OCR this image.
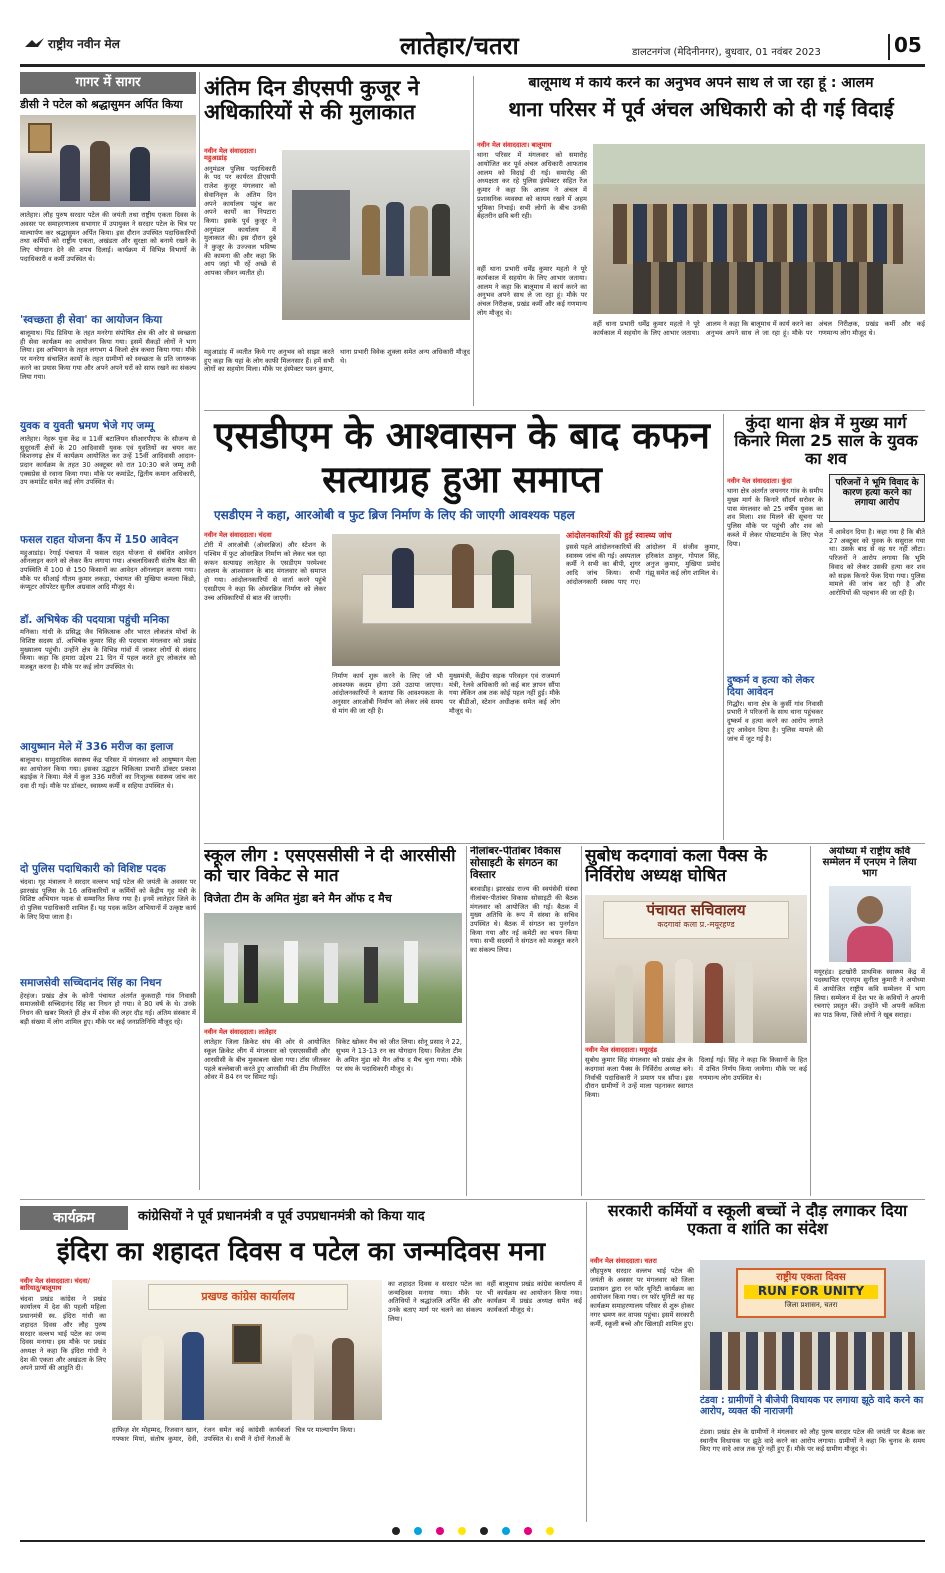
राष्ट्रीय नवीन मेल	लातेहार/चतरा	डालटनगंज (मेदिनीनगर), बुधवार, 01 नवंबर 2023	05
गागर में सागर
डीसी ने पटेल को श्रद्धासुमन अर्पित किया
लातेहार। लौह पुरुष सरदार पटेल की जयंती तथा राष्ट्रीय एकता दिवस के अवसर पर समाहरणालय सभागार में उपायुक्त ने सरदार पटेल के चित्र पर माल्यार्पण कर श्रद्धासुमन अर्पित किया। इस दौरान उपस्थित पदाधिकारियों तथा कर्मियों को राष्ट्रीय एकता, अखंडता और सुरक्षा को बनाये रखने के लिए योगदान देने की शपथ दिलाई। कार्यक्रम में विभिन्न विभागों के पदाधिकारी व कर्मी उपस्थित थे।
'स्वच्छता ही सेवा' का आयोजन किया
बालूमाथ। पिंड डिविया के तहत मनरेगा संपोषित क्षेत्र की ओर से स्वच्छता ही सेवा कार्यक्रम का आयोजन किया गया। इसमें सैकड़ों लोगों ने भाग लिया। इस अभियान के तहत लगभग 4 किलो क्षेत्र कचरा किया गया। मौके पर मनरेगा संचालित कार्यों के तहत ग्रामीणों को स्वच्छता के प्रति जागरूक करने का प्रयास किया गया और अपने अपने घरों को साफ रखने का संकल्प लिया गया।
युवक व युवती भ्रमण भेजे गए जम्मू
लातेहार। नेहरू युवा केंद्र व 11वीं बटालियन सीआरपीएफ के सौजन्य से सुदूरवर्ती क्षेत्रों के 20 आदिवासी युवक एवं युवतियों का चयन कर किशनगढ़ क्षेत्र में कार्यक्रम आयोजित कर उन्हें 15वीं आदिवासी आदान-प्रदान कार्यक्रम के तहत 30 अक्टूबर को रात 10:30 बजे जम्मू तवी एक्सप्रेस से रवाना किया गया। मौके पर कमांडेंट, द्वितीय कमान अधिकारी, उप कमांडेंट समेत कई लोग उपस्थित थे।
फसल राहत योजना कैंप में 150 आवेदन
महुआडांड़। रेगाई पंचायत में फसल राहत योजना से संबंधित आवेदन ऑनलाइन करने को लेकर कैंप लगाया गया। अंचलाधिकारी संतोष बैठा की उपस्थिति में 100 से 150 किसानों का आवेदन ऑनलाइन कराया गया। मौके पर सीआई गौतम कुमार लकड़ा, पंचायत की मुखिया कमला किंडो, कंप्यूटर ऑपरेटर सुनील अग्रवाल आदि मौजूद थे।
डॉ. अभिषेक की पदयात्रा पहुंची मनिका
मनिका। गांधी के प्रसिद्ध जैव चिकित्सक और भारत लोकतंत्र मोर्चा के विशिष्ट सदस्य डॉ. अभिषेक कुमार सिंह की पदयात्रा मंगलवार को प्रखंड मुख्यालय पहुंची। उन्होंने क्षेत्र के विभिन्न गांवों में जाकर लोगों से संवाद किया। कहा कि हमारा उद्देश्य 21 दिन में पहल करते हुए लोकतंत्र को मजबूत करना है। मौके पर कई लोग उपस्थित थे।
आयुष्मान मेले में 336 मरीज का इलाज
बालूमाथ। सामुदायिक स्वास्थ्य केंद्र परिसर में मंगलवार को आयुष्मान मेला का आयोजन किया गया। इसका उद्घाटन चिकित्सा प्रभारी डॉक्टर प्रकाश बड़ाईक ने किया। मेले में कुल 336 मरीजों का निःशुल्क स्वास्थ्य जांच कर दवा दी गई। मौके पर डॉक्टर, स्वास्थ्य कर्मी व सहिया उपस्थित थे।
दो पुलिस पदाधिकारी को विशिष्ट पदक
चंदवा। गृह मंत्रालय ने सरदार वल्लभ भाई पटेल की जयंती के अवसर पर झारखंड पुलिस के 16 अधिकारियों व कर्मियों को केंद्रीय गृह मंत्री के विशिष्ट अभियान पदक से सम्मानित किया गया है। इनमें लातेहार जिले के दो पुलिस पदाधिकारी शामिल हैं। यह पदक कठिन अभियानों में उत्कृष्ट कार्य के लिए दिया जाता है।
समाजसेवी सच्चिदानंद सिंह का निधन
हेरहंज। प्रखंड क्षेत्र के कोनी पंचायत अंतर्गत कुकराही गांव निवासी समाजसेवी सच्चिदानंद सिंह का निधन हो गया। वे 80 वर्ष के थे। उनके निधन की खबर मिलते ही क्षेत्र में शोक की लहर दौड़ गई। अंतिम संस्कार में बड़ी संख्या में लोग शामिल हुए। मौके पर कई जनप्रतिनिधि मौजूद रहे।
अंतिम दिन डीएसपी कुजूर ने अधिकारियों से की मुलाकात
नवीन मेल संवाददाता। महुआडांड़
अनुमंडल पुलिस पदाधिकारी के पद पर कार्यरत डीएसपी राजेश कुजूर मंगलवार को सेवानिवृत्त के अंतिम दिन अपने कार्यालय पहुंच कर अपने कार्यों का निपटारा किया। इसके पूर्व कुजूर ने अनुमंडल कार्यालय में मुलाकात की। इस दौरान दुबे ने कुजूर के उज्ज्वल भविष्य की कामना की और कहा कि आप जहां भी रहें अच्छे से आपका जीवन व्यतीत हो।
महुआडांड़ में व्यतीत किये गए अनुभव को साझा करते हुए कहा कि यहां के लोग काफी मिलनसार हैं। हमें सभी लोगों का सहयोग मिला। मौके पर इंस्पेक्टर पवन कुमार, थाना प्रभारी विवेक शुक्ला समेत अन्य अधिकारी मौजूद थे।
बालूमाथ में कार्य करने का अनुभव अपने साथ ले जा रहा हूं : आलम
थाना परिसर में पूर्व अंचल अधिकारी को दी गई विदाई
नवीन मेल संवाददाता। बालूमाथ
थाना परिसर में मंगलवार को समारोह आयोजित कर पूर्व अंचल अधिकारी आफताब आलम को विदाई दी गई। समारोह की अध्यक्षता कर रहे पुलिस इंस्पेक्टर सहित रेंज कुमार ने कहा कि आलम ने अंचल में प्रशासनिक व्यवस्था को कायम रखने में अहम भूमिका निभाई। सभी लोगों के बीच उनकी बेहतरीन छवि बनी रही।
वहीं थाना प्रभारी धर्मेंद्र कुमार महतो ने पूरे कार्यकाल में सहयोग के लिए आभार जताया। आलम ने कहा कि बालूमाथ में कार्य करने का अनुभव अपने साथ ले जा रहा हूं। मौके पर अंचल निरीक्षक, प्रखंड कर्मी और कई गणमान्य लोग मौजूद थे।
वहीं थाना प्रभारी धर्मेंद्र कुमार महतो ने पूरे कार्यकाल में सहयोग के लिए आभार जताया। आलम ने कहा कि बालूमाथ में कार्य करने का अनुभव अपने साथ ले जा रहा हूं। मौके पर अंचल निरीक्षक, प्रखंड कर्मी और कई गणमान्य लोग मौजूद थे।
एसडीएम के आश्वासन के बाद कफन सत्याग्रह हुआ समाप्त
एसडीएम ने कहा, आरओबी व फुट ब्रिज निर्माण के लिए की जाएगी आवश्यक पहल
नवीन मेल संवाददाता। चंदवा
टोरी में आरओबी (ओवरब्रिज) और स्टेशन के पश्चिम में फुट ओवरब्रिज निर्माण को लेकर चल रहा कफन सत्याग्रह लातेहार के एसडीएम परमेश्वर आलम के आश्वासन के बाद मंगलवार को समाप्त हो गया। आंदोलनकारियों से वार्ता करने पहुंचे एसडीएम ने कहा कि ओवरब्रिज निर्माण को लेकर उच्च अधिकारियों से बात की जाएगी।
निर्माण कार्य शुरू करने के लिए जो भी आवश्यक कदम होगा उसे उठाया जाएगा। आंदोलनकारियों ने बताया कि आवश्यकता के अनुसार आरओबी निर्माण को लेकर लंबे समय से मांग की जा रही है।
मुख्यमंत्री, केंद्रीय सड़क परिवहन एवं राजमार्ग मंत्री, रेलवे अधिकारी को कई बार ज्ञापन सौंपा गया लेकिन अब तक कोई पहल नहीं हुई। मौके पर बीडीओ, स्टेशन अधीक्षक समेत कई लोग मौजूद थे।
आंदोलनकारियों की हुई स्वास्थ्य जांच
इससे पहले आंदोलनकारियों की स्वास्थ्य जांच की गई। अस्पताल कर्मी ने सभी का बीपी, शुगर आदि जांच किया। सभी आंदोलनकारी स्वस्थ पाए गए। आंदोलन में संजीव कुमार, हरिकांत ठाकुर, गोपाल सिंह, अनुज कुमार, मुखिया प्रमोद गंझू समेत कई लोग शामिल थे।
कुंदा थाना क्षेत्र में मुख्य मार्ग किनारे मिला 25 साल के युवक का शव
नवीन मेल संवाददाता। कुंदा
थाना क्षेत्र अंतर्गत जयनगर गांव के समीप मुख्य मार्ग के किनारे सौंदर्य सरोवर के पास मंगलवार को 25 वर्षीय युवक का शव मिला। शव मिलने की सूचना पर पुलिस मौके पर पहुंची और शव को कब्जे में लेकर पोस्टमार्टम के लिए भेज दिया।
दुष्कर्म व हत्या को लेकर दिया आवेदन
गिद्धौर। थाना क्षेत्र के कुर्सी गांव निवासी प्रभारी ने परिजनों के साथ थाना पहुंचकर दुष्कर्म व हत्या करने का आरोप लगाते हुए आवेदन दिया है। पुलिस मामले की जांच में जुट गई है।
परिजनों ने भूमि विवाद के कारण हत्या करने का लगाया आरोप
में आवेदन दिया है। कहा गया है कि बीते 27 अक्टूबर को युवक के ससुराल गया था। उसके बाद से वह घर नहीं लौटा। परिजनों ने आरोप लगाया कि भूमि विवाद को लेकर उसकी हत्या कर शव को सड़क किनारे फेंक दिया गया। पुलिस मामले की जांच कर रही है और आरोपियों की पहचान की जा रही है।
स्कूल लीग : एसएससीसी ने दी आरसीसी को चार विकेट से मात
विजेता टीम के अमित मुंडा बने मैन ऑफ द मैच
नवीन मेल संवाददाता। लातेहार
लातेहार जिला क्रिकेट संघ की ओर से आयोजित स्कूल क्रिकेट लीग में मंगलवार को एसएससीसी और आरसीसी के बीच मुकाबला खेला गया। टॉस जीतकर पहले बल्लेबाजी करते हुए आरसीसी की टीम निर्धारित ओवर में 84 रन पर सिमट गई।
विकेट खोकर मैच को जीत लिया। सोनू प्रसाद ने 22, सुभम ने 13-13 रन का योगदान दिया। विजेता टीम के अमित मुंडा को मैन ऑफ द मैच चुना गया। मौके पर संघ के पदाधिकारी मौजूद थे।
नीलांबर-पीतांबर विकास सोसाइटी के संगठन का विस्तार
बरवाडीह। झारखंड राज्य की स्वयंसेवी संस्था नीलांबर-पीतांबर विकास सोसाइटी की बैठक मंगलवार को आयोजित की गई। बैठक में मुख्य अतिथि के रूप में संस्था के सचिव उपस्थित थे। बैठक में संगठन का पुनर्गठन किया गया और नई कमेटी का चयन किया गया। सभी सदस्यों ने संगठन को मजबूत करने का संकल्प लिया।
सुबोध कदगावां कला पैक्स के निर्विरोध अध्यक्ष घोषित
पंचायत सचिवालय
कदगावां कला प्र.-मयूरहण्ड
नवीन मेल संवाददाता। मयूरहंड
सुबोध कुमार सिंह मंगलवार को प्रखंड क्षेत्र के कदगावां कला पैक्स के निर्विरोध अध्यक्ष बने। निर्वाची पदाधिकारी ने प्रमाण पत्र सौंपा। इस दौरान ग्रामीणों ने उन्हें माला पहनाकर स्वागत किया।
दिलाई गई। सिंह ने कहा कि किसानों के हित में उचित निर्णय किया जायेगा। मौके पर कई गणमान्य लोग उपस्थित थे।
अयोध्या में राष्ट्रीय कवि सम्मेलन में एनएम ने लिया भाग
मयूरहंड। इटखोरी प्राथमिक स्वास्थ्य केंद्र में पदस्थापित एएनएम सुनीता कुमारी ने अयोध्या में आयोजित राष्ट्रीय कवि सम्मेलन में भाग लिया। सम्मेलन में देश भर के कवियों ने अपनी रचनाएं प्रस्तुत कीं। उन्होंने भी अपनी कविता का पाठ किया, जिसे लोगों ने खूब सराहा।
कार्यक्रम	कांग्रेसियों ने पूर्व प्रधानमंत्री व पूर्व उपप्रधानमंत्री को किया याद
इंदिरा का शहादत दिवस व पटेल का जन्मदिवस मना
नवीन मेल संवाददाता। चंदवा/बारियातू/बालूमाथ
चंदवा प्रखंड कांग्रेस ने प्रखंड कार्यालय में देश की पहली महिला प्रधानमंत्री स्व. इंदिरा गांधी का शहादत दिवस और लौह पुरुष सरदार वल्लभ भाई पटेल का जन्म दिवस मनाया। इस मौके पर प्रखंड अध्यक्ष ने कहा कि इंदिरा गांधी ने देश की एकता और अखंडता के लिए अपने प्राणों की आहुति दी।
प्रखण्ड कांग्रेस कार्यालय
हाफिज़ शेर मोहम्मद, रिजवान खान, गफ्फार मियां, संतोष कुमार, देवी, रंजन समेत कई कांग्रेसी कार्यकर्ता उपस्थित थे। सभी ने दोनों नेताओं के चित्र पर माल्यार्पण किया।
का शहादत दिवस व सरदार पटेल का जन्मदिवस मनाया गया। मौके पर अतिथियों ने श्रद्धांजलि अर्पित की और उनके बताए मार्ग पर चलने का संकल्प लिया।
वहीं बालूमाथ प्रखंड कांग्रेस कार्यालय में भी कार्यक्रम का आयोजन किया गया। कार्यक्रम में प्रखंड अध्यक्ष समेत कई कार्यकर्ता मौजूद थे।
सरकारी कर्मियों व स्कूली बच्चों ने दौड़ लगाकर दिया एकता व शांति का संदेश
नवीन मेल संवाददाता। चतरा
लौहपुरुष सरदार वल्लभ भाई पटेल की जयंती के अवसर पर मंगलवार को जिला प्रशासन द्वारा रन फॉर यूनिटी कार्यक्रम का आयोजन किया गया। रन फॉर यूनिटी का यह कार्यक्रम समाहरणालय परिसर से शुरू होकर नगर भ्रमण कर वापस पहुंचा। इसमें सरकारी कर्मी, स्कूली बच्चे और खिलाड़ी शामिल हुए।
राष्ट्रीय एकता दिवस
RUN FOR UNITY
जिला प्रशासन, चतरा
टंडवा : ग्रामीणों ने बीजेपी विधायक पर लगाया झूठे वादे करने का आरोप, व्यक्त की नाराजगी
टंडवा। प्रखंड क्षेत्र के ग्रामीणों ने मंगलवार को लौह पुरुष सरदार पटेल की जयंती पर बैठक कर स्थानीय विधायक पर झूठे वादे करने का आरोप लगाया। ग्रामीणों ने कहा कि चुनाव के समय किए गए वादे आज तक पूरे नहीं हुए हैं। मौके पर कई ग्रामीण मौजूद थे।
